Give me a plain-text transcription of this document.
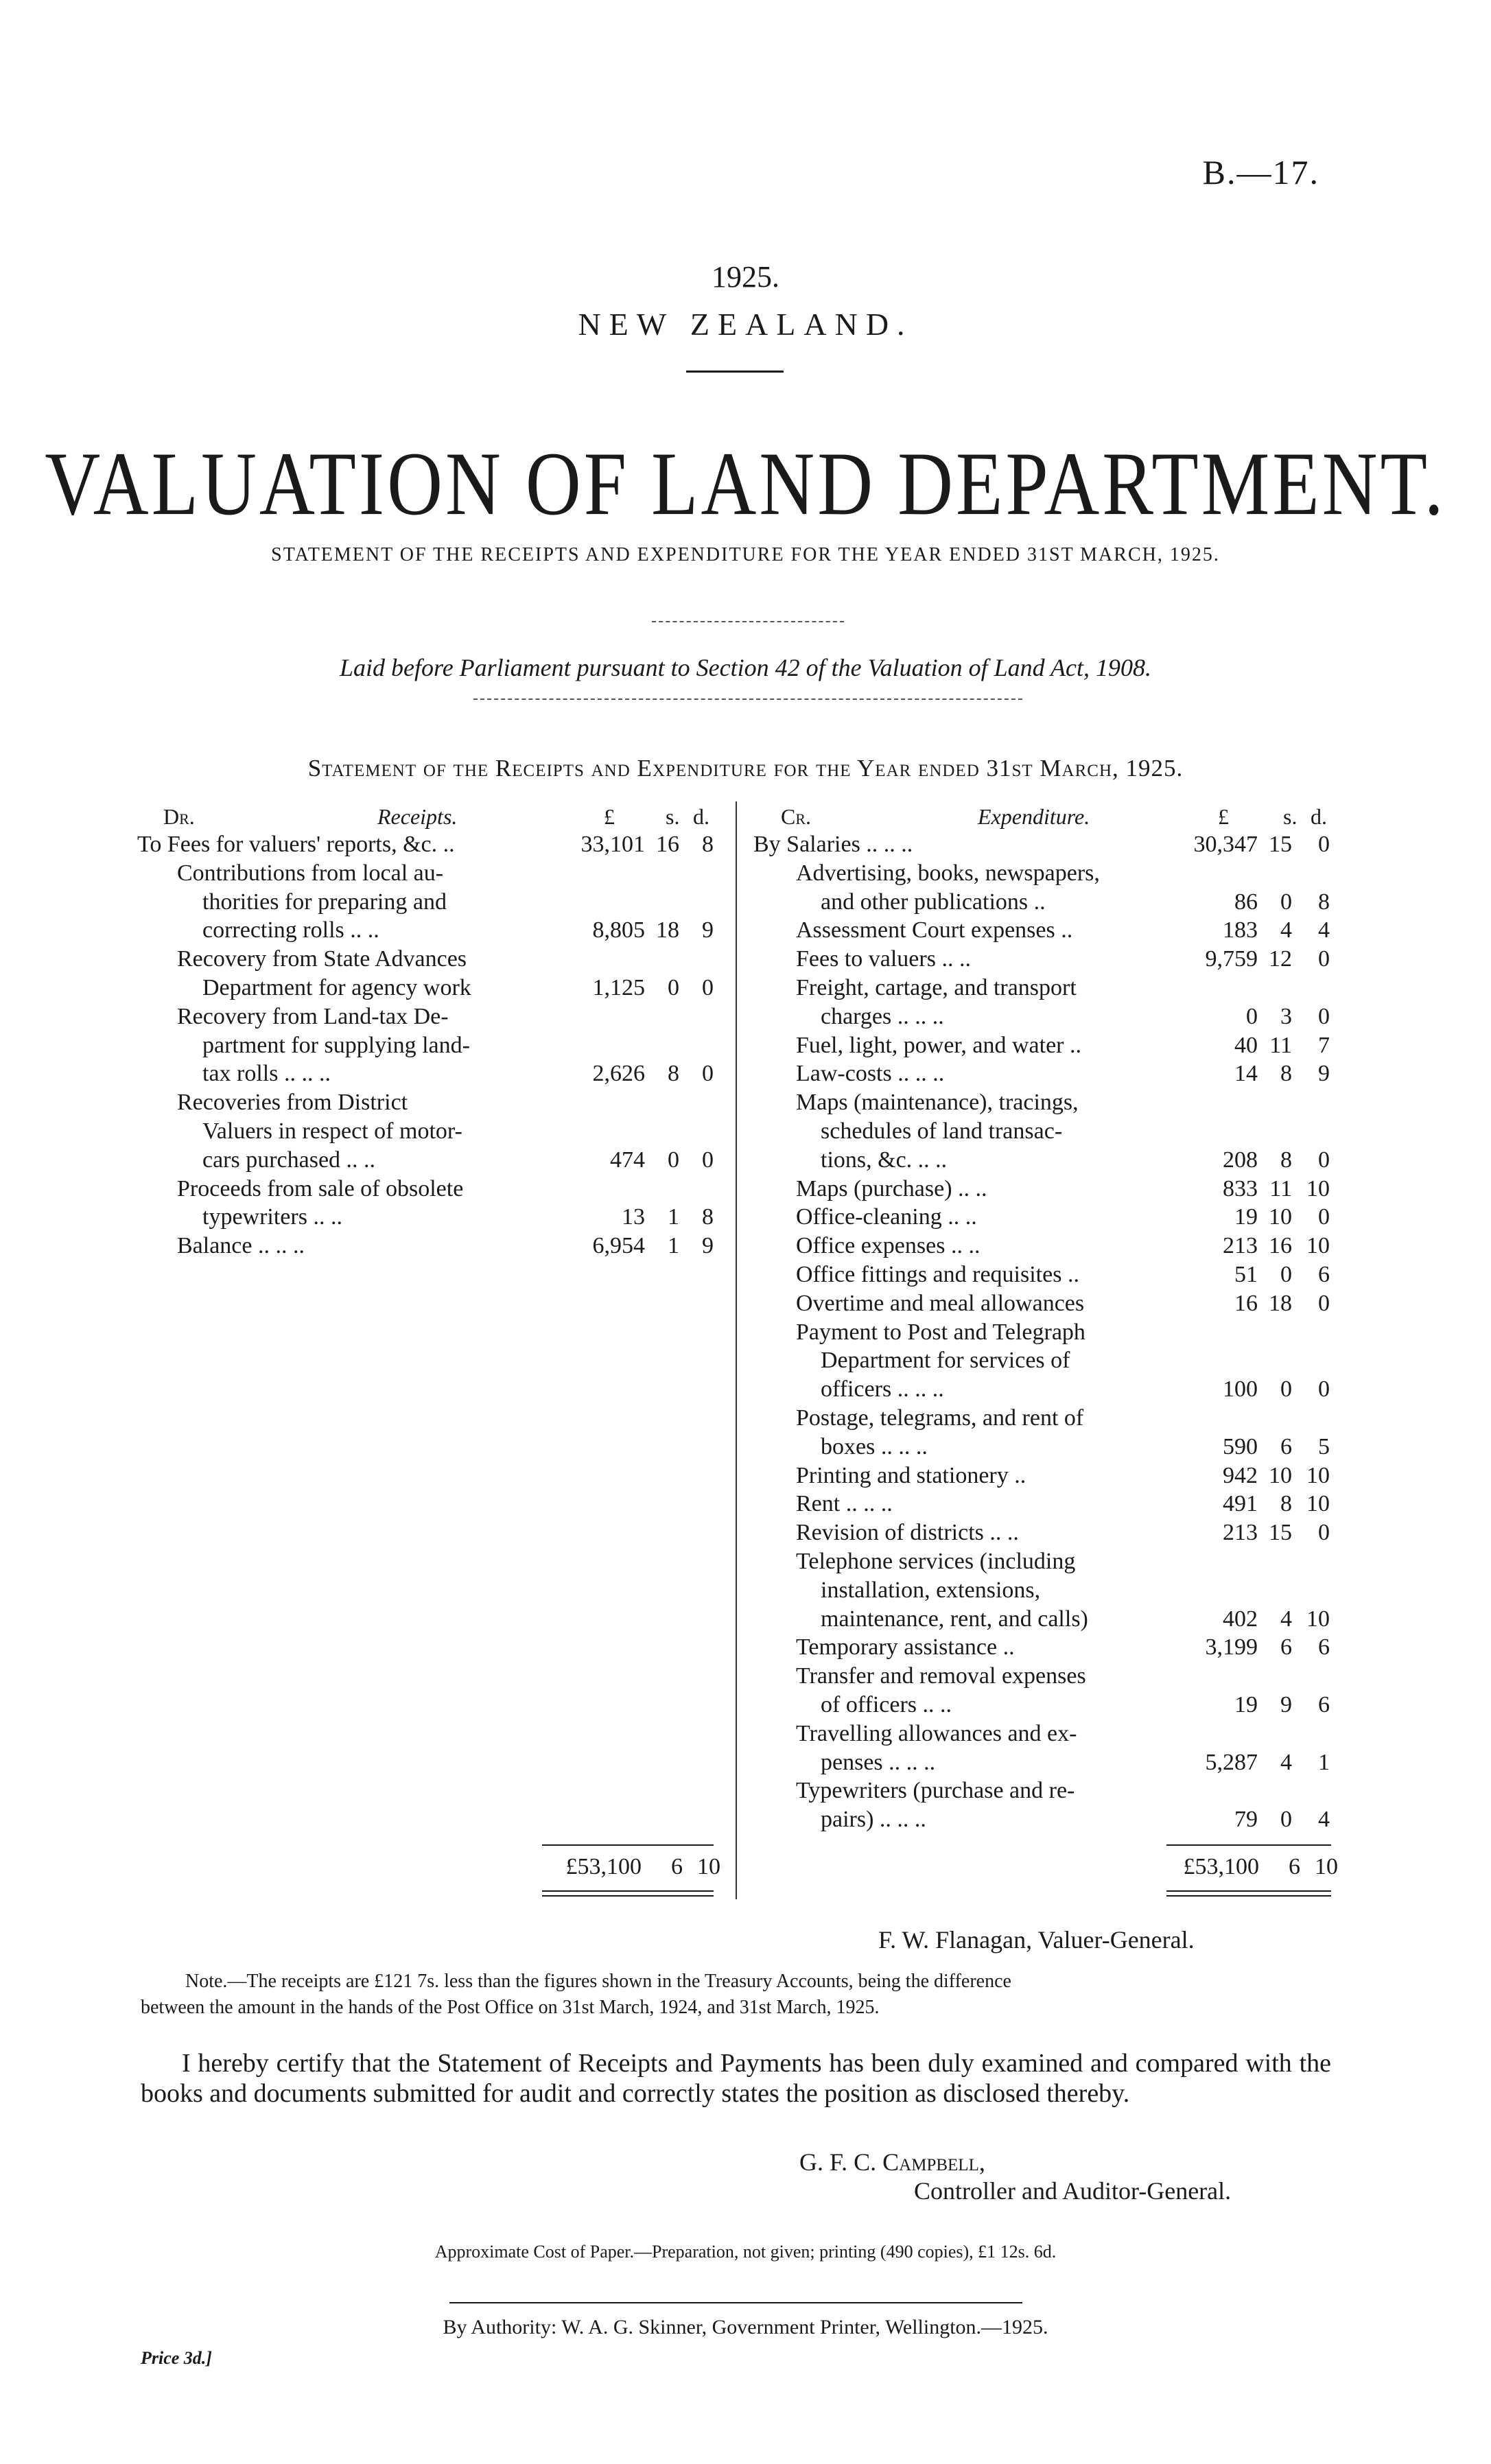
B.—17.
1925.
NEW ZEALAND.
VALUATION OF LAND DEPARTMENT.
STATEMENT OF THE RECEIPTS AND EXPENDITURE FOR THE YEAR ENDED 31ST MARCH, 1925.
Laid before Parliament pursuant to Section 42 of the Valuation of Land Act, 1908.
Statement of the Receipts and Expenditure for the Year ended 31st March, 1925.
Dr.	Receipts.	£ s. d.	Cr.	Expenditure.	£ s. d.
To Fees for valuers' reports, &c. ..	33,101 16 8
Contributions from local au-
thorities for preparing and
correcting rolls .. ..	8,805 18 9
Recovery from State Advances
Department for agency work	1,125 0 0
Recovery from Land-tax De-
partment for supplying land-
tax rolls .. .. ..	2,626 8 0
Recoveries from District
Valuers in respect of motor-
cars purchased .. ..	474 0 0
Proceeds from sale of obsolete
typewriters .. ..	13 1 8
Balance .. .. ..	6,954 1 9
By Salaries .. .. ..	30,347 15	0
Advertising, books, newspapers,
and other publications ..	86 0	8
Assessment Court expenses ..	183 4	4
Fees to valuers .. ..	9,759 12	0
Freight, cartage, and transport
charges .. .. ..	0 3	0
Fuel, light, power, and water ..	40 11	7
Law-costs .. .. ..	14 8	9
Maps (maintenance), tracings,
schedules of land transac-
tions, &c. .. ..	208 8	0
Maps (purchase) .. ..	833 11 10
Office-cleaning .. ..	19 10	0
Office expenses .. ..	213 16 10
Office fittings and requisites ..	51 0	6
Overtime and meal allowances	16 18	0
Payment to Post and Telegraph
Department for services of
officers .. .. ..	100 0	0
Postage, telegrams, and rent of
boxes .. .. ..	590 6	5
Printing and stationery ..	942 10 10
Rent .. .. ..	491 8 10
Revision of districts .. ..	213 15	0
Telephone services (including
installation, extensions,
maintenance, rent, and calls)	402 4 10
Temporary assistance ..	3,199 6	6
Transfer and removal expenses
of officers .. ..	19 9	6
Travelling allowances and ex-
penses .. .. ..	5,287 4	1
Typewriters (purchase and re-
pairs) .. .. ..	79 0	4
£53,100	6 10	£53,100	6 10
F. W. Flanagan, Valuer-General.
Note.—The receipts are £121 7s. less than the figures shown in the Treasury Accounts, being the difference
between the amount in the hands of the Post Office on 31st March, 1924, and 31st March, 1925.
I hereby certify that the Statement of Receipts and Payments has been duly examined and compared with the books and documents submitted for audit and correctly states the position as disclosed thereby.
G. F. C. Campbell,
Controller and Auditor-General.
Approximate Cost of Paper.—Preparation, not given; printing (490 copies), £1 12s. 6d.
By Authority: W. A. G. Skinner, Government Printer, Wellington.—1925.
Price 3d.]
